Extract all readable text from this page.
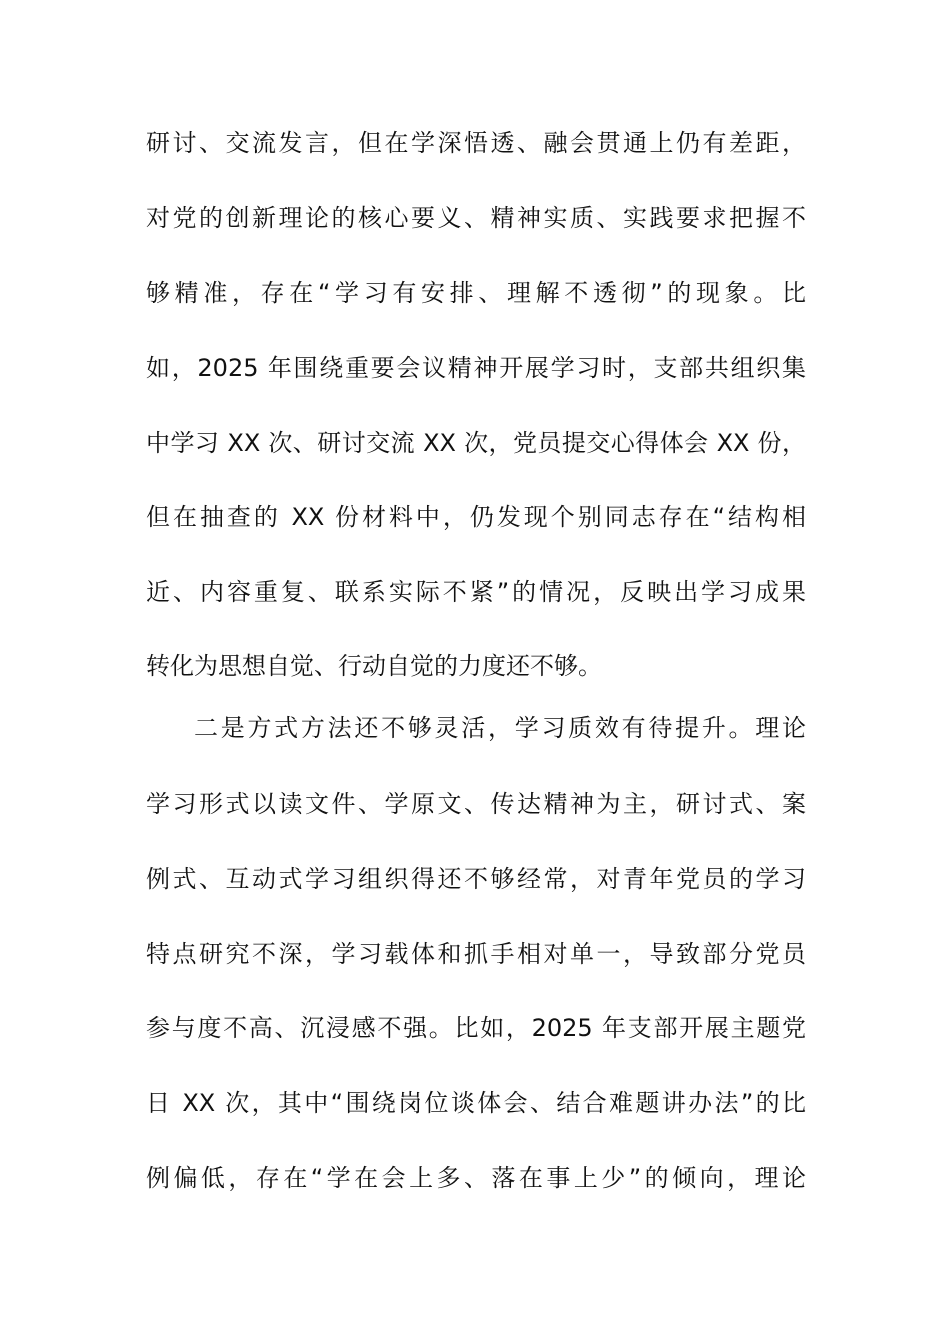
研讨、交流发言，但在学深悟透、融会贯通上仍有差距，
对党的创新理论的核心要义、精神实质、实践要求把握不
够精准，存在“学习有安排、理解不透彻”的现象。比
如，2025 年围绕重要会议精神开展学习时，支部共组织集
中学习 XX 次、研讨交流 XX 次，党员提交心得体会 XX 份，
但在抽查的 XX 份材料中，仍发现个别同志存在“结构相
近、内容重复、联系实际不紧”的情况，反映出学习成果
转化为思想自觉、行动自觉的力度还不够。
二是方式方法还不够灵活，学习质效有待提升。理论
学习形式以读文件、学原文、传达精神为主，研讨式、案
例式、互动式学习组织得还不够经常，对青年党员的学习
特点研究不深，学习载体和抓手相对单一，导致部分党员
参与度不高、沉浸感不强。比如，2025 年支部开展主题党
日 XX 次，其中“围绕岗位谈体会、结合难题讲办法”的比
例偏低，存在“学在会上多、落在事上少”的倾向，理论
